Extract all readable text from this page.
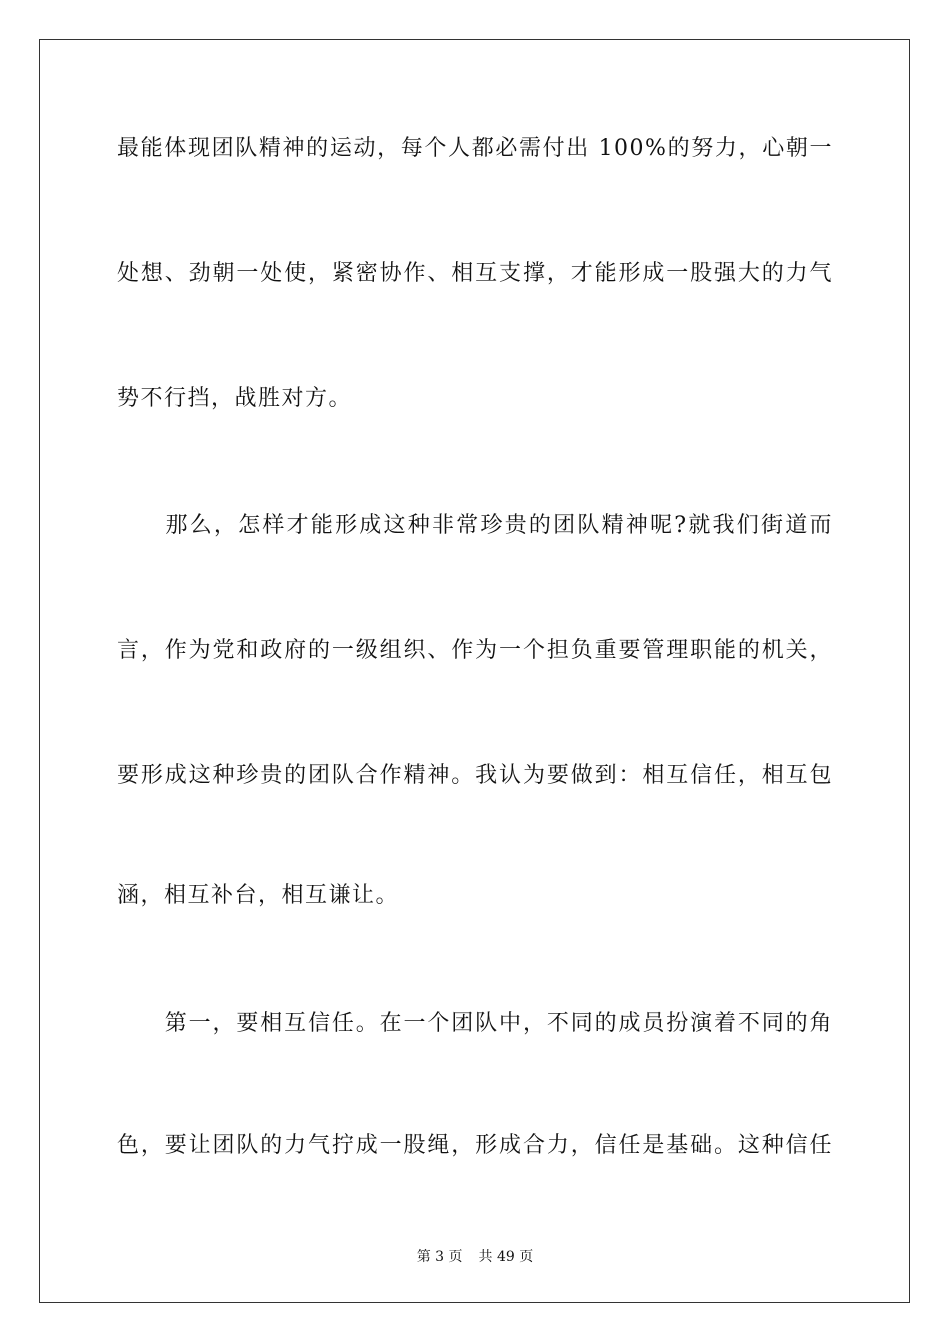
最能体现团队精神的运动，每个人都必需付出 100%的努力，心朝一
处想、劲朝一处使，紧密协作、相互支撑，才能形成一股强大的力气
势不行挡，战胜对方。
　　那么，怎样才能形成这种非常珍贵的团队精神呢?就我们街道而
言，作为党和政府的一级组织、作为一个担负重要管理职能的机关，
要形成这种珍贵的团队合作精神。我认为要做到：相互信任，相互包
涵，相互补台，相互谦让。
　　第一，要相互信任。在一个团队中，不同的成员扮演着不同的角
色，要让团队的力气拧成一股绳，形成合力，信任是基础。这种信任
第 3 页 共 49 页
